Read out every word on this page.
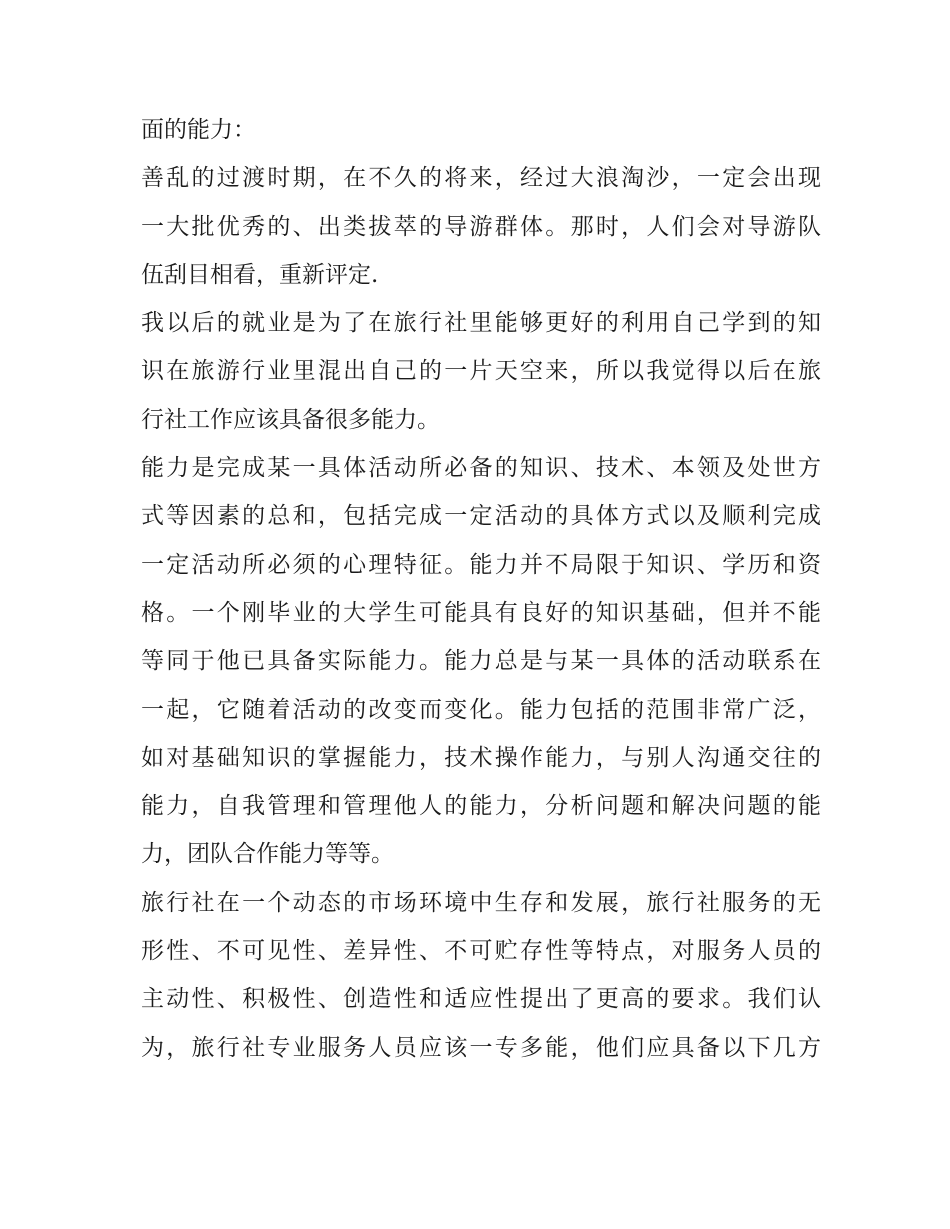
面的能力：

善乱的过渡时期，在不久的将来，经过大浪淘沙，一定会出现
一大批优秀的、出类拔萃的导游群体。那时，人们会对导游队
伍刮目相看，重新评定.

我以后的就业是为了在旅行社里能够更好的利用自己学到的知
识在旅游行业里混出自己的一片天空来，所以我觉得以后在旅
行社工作应该具备很多能力。

能力是完成某一具体活动所必备的知识、技术、本领及处世方
式等因素的总和，包括完成一定活动的具体方式以及顺利完成
一定活动所必须的心理特征。能力并不局限于知识、学历和资
格。一个刚毕业的大学生可能具有良好的知识基础，但并不能
等同于他已具备实际能力。能力总是与某一具体的活动联系在
一起，它随着活动的改变而变化。能力包括的范围非常广泛，
如对基础知识的掌握能力，技术操作能力，与别人沟通交往的
能力，自我管理和管理他人的能力，分析问题和解决问题的能
力，团队合作能力等等。

旅行社在一个动态的市场环境中生存和发展，旅行社服务的无
形性、不可见性、差异性、不可贮存性等特点，对服务人员的
主动性、积极性、创造性和适应性提出了更高的要求。我们认
为，旅行社专业服务人员应该一专多能，他们应具备以下几方
